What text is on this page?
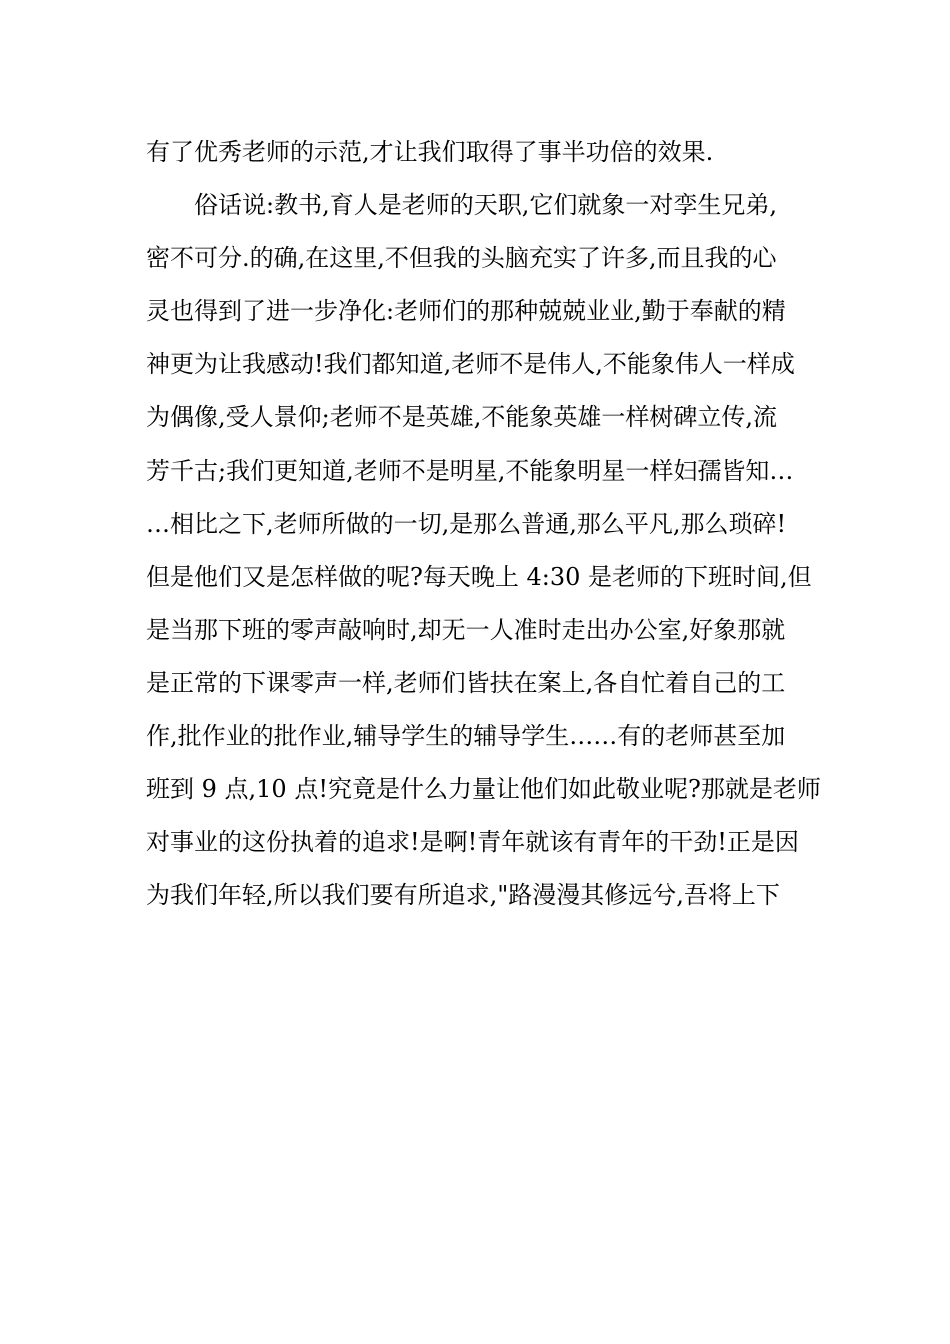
有了优秀老师的示范,才让我们取得了事半功倍的效果.
俗话说:教书,育人是老师的天职,它们就象一对孪生兄弟,
密不可分.的确,在这里,不但我的头脑充实了许多,而且我的心
灵也得到了进一步净化:老师们的那种兢兢业业,勤于奉献的精
神更为让我感动!我们都知道,老师不是伟人,不能象伟人一样成
为偶像,受人景仰;老师不是英雄,不能象英雄一样树碑立传,流
芳千古;我们更知道,老师不是明星,不能象明星一样妇孺皆知…
…相比之下,老师所做的一切,是那么普通,那么平凡,那么琐碎!
但是他们又是怎样做的呢?每天晚上 4:30 是老师的下班时间,但
是当那下班的零声敲响时,却无一人准时走出办公室,好象那就
是正常的下课零声一样,老师们皆扶在案上,各自忙着自己的工
作,批作业的批作业,辅导学生的辅导学生……有的老师甚至加
班到 9 点,10 点!究竟是什么力量让他们如此敬业呢?那就是老师
对事业的这份执着的追求!是啊!青年就该有青年的干劲!正是因
为我们年轻,所以我们要有所追求,"路漫漫其修远兮,吾将上下
